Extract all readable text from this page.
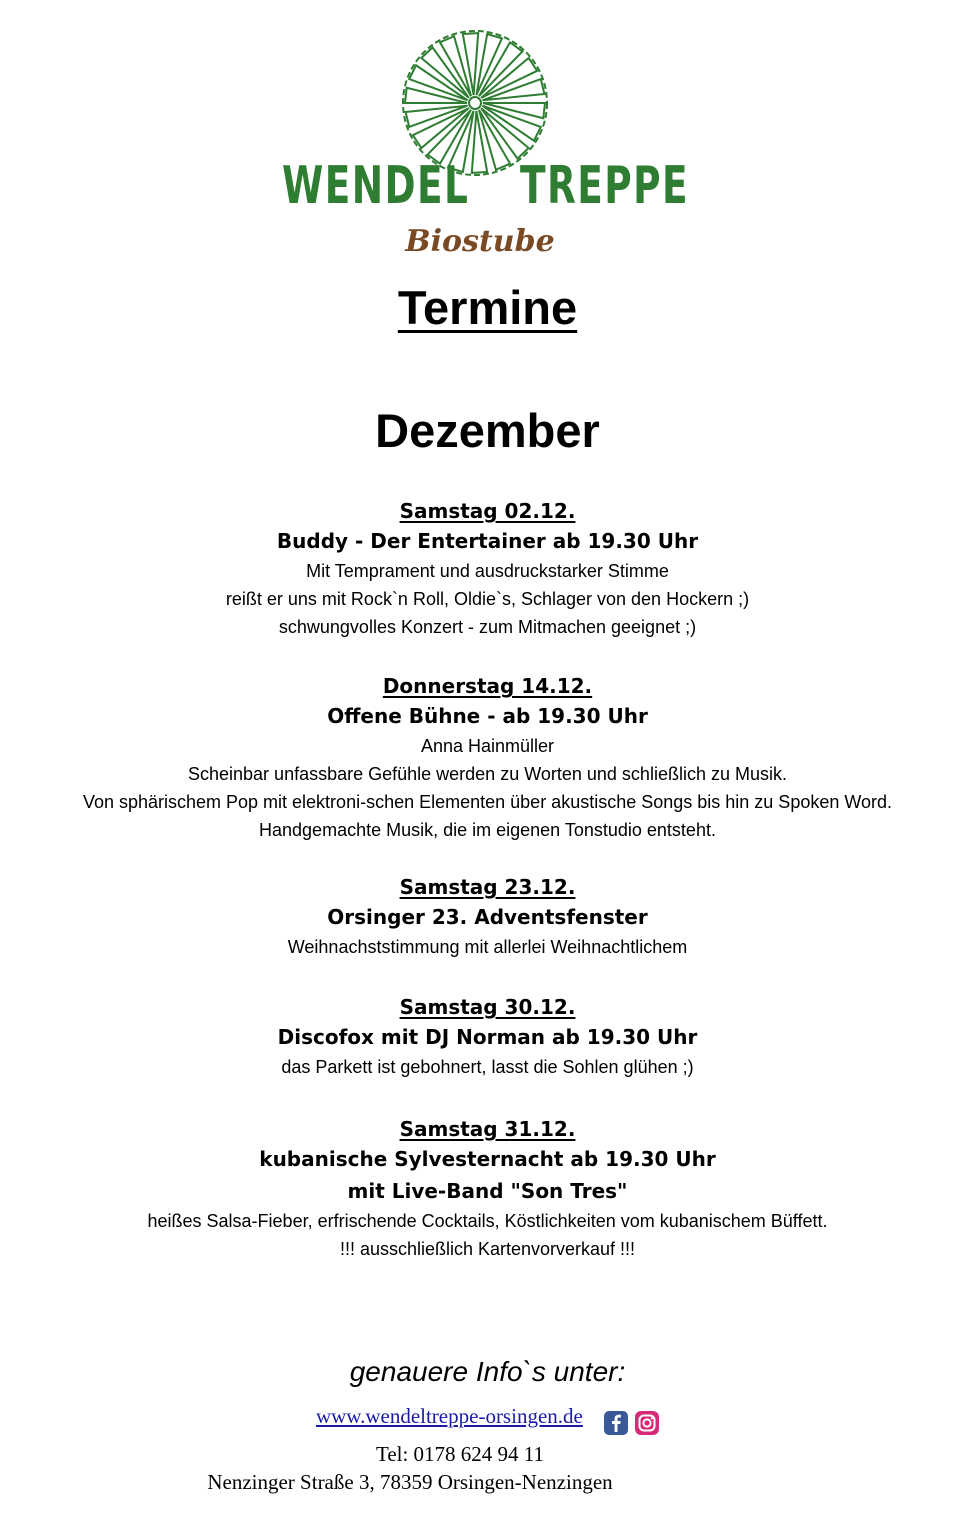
WENDEL TREPPE
Biostube
Termine
Dezember
Samstag 02.12.
Buddy - Der Entertainer ab 19.30 Uhr
Mit Temprament und ausdruckstarker Stimme
reißt er uns mit Rock`n Roll, Oldie`s, Schlager von den Hockern ;)
schwungvolles Konzert - zum Mitmachen geeignet ;)
Donnerstag 14.12.
Offene Bühne - ab 19.30 Uhr
Anna Hainmüller
Scheinbar unfassbare Gefühle werden zu Worten und schließlich zu Musik.
Von sphärischem Pop mit elektroni-schen Elementen über akustische Songs bis hin zu Spoken Word.
Handgemachte Musik, die im eigenen Tonstudio entsteht.
Samstag 23.12.
Orsinger 23. Adventsfenster
Weihnachststimmung mit allerlei Weihnachtlichem
Samstag 30.12.
Discofox mit DJ Norman ab 19.30 Uhr
das Parkett ist gebohnert, lasst die Sohlen glühen ;)
Samstag 31.12.
kubanische Sylvesternacht ab 19.30 Uhr
mit Live-Band "Son Tres"
heißes Salsa-Fieber, erfrischende Cocktails, Köstlichkeiten vom kubanischem Büffett.
!!! ausschließlich Kartenvorverkauf !!!
genauere Info`s unter:
www.wendeltreppe-orsingen.de
Tel: 0178 624 94 11
Nenzinger Straße 3, 78359 Orsingen-Nenzingen
